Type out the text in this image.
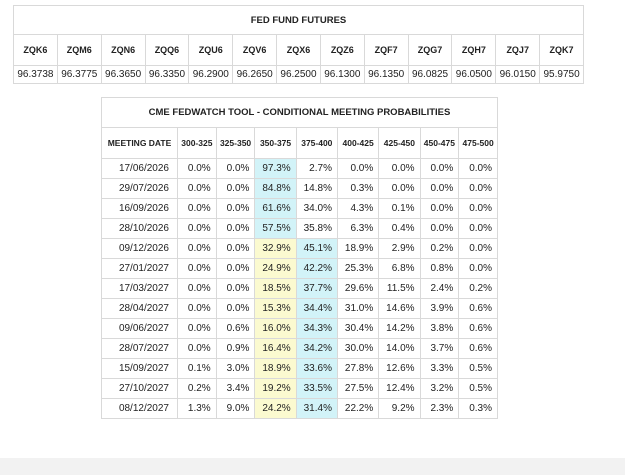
FED FUND FUTURES												
ZQK6	ZQM6	ZQN6	ZQQ6	ZQU6	ZQV6	ZQX6	ZQZ6	ZQF7	ZQG7	ZQH7	ZQJ7	ZQK7
96.3738	96.3775	96.3650	96.3350	96.2900	96.2650	96.2500	96.1300	96.1350	96.0825	96.0500	96.0150	95.9750
CME FEDWATCH TOOL - CONDITIONAL MEETING PROBABILITIES								
MEETING DATE	300-325	325-350	350-375	375-400	400-425	425-450	450-475	475-500
17/06/2026	0.0%	0.0%	97.3%	2.7%	0.0%	0.0%	0.0%	0.0%
29/07/2026	0.0%	0.0%	84.8%	14.8%	0.3%	0.0%	0.0%	0.0%
16/09/2026	0.0%	0.0%	61.6%	34.0%	4.3%	0.1%	0.0%	0.0%
28/10/2026	0.0%	0.0%	57.5%	35.8%	6.3%	0.4%	0.0%	0.0%
09/12/2026	0.0%	0.0%	32.9%	45.1%	18.9%	2.9%	0.2%	0.0%
27/01/2027	0.0%	0.0%	24.9%	42.2%	25.3%	6.8%	0.8%	0.0%
17/03/2027	0.0%	0.0%	18.5%	37.7%	29.6%	11.5%	2.4%	0.2%
28/04/2027	0.0%	0.0%	15.3%	34.4%	31.0%	14.6%	3.9%	0.6%
09/06/2027	0.0%	0.6%	16.0%	34.3%	30.4%	14.2%	3.8%	0.6%
28/07/2027	0.0%	0.9%	16.4%	34.2%	30.0%	14.0%	3.7%	0.6%
15/09/2027	0.1%	3.0%	18.9%	33.6%	27.8%	12.6%	3.3%	0.5%
27/10/2027	0.2%	3.4%	19.2%	33.5%	27.5%	12.4%	3.2%	0.5%
08/12/2027	1.3%	9.0%	24.2%	31.4%	22.2%	9.2%	2.3%	0.3%
